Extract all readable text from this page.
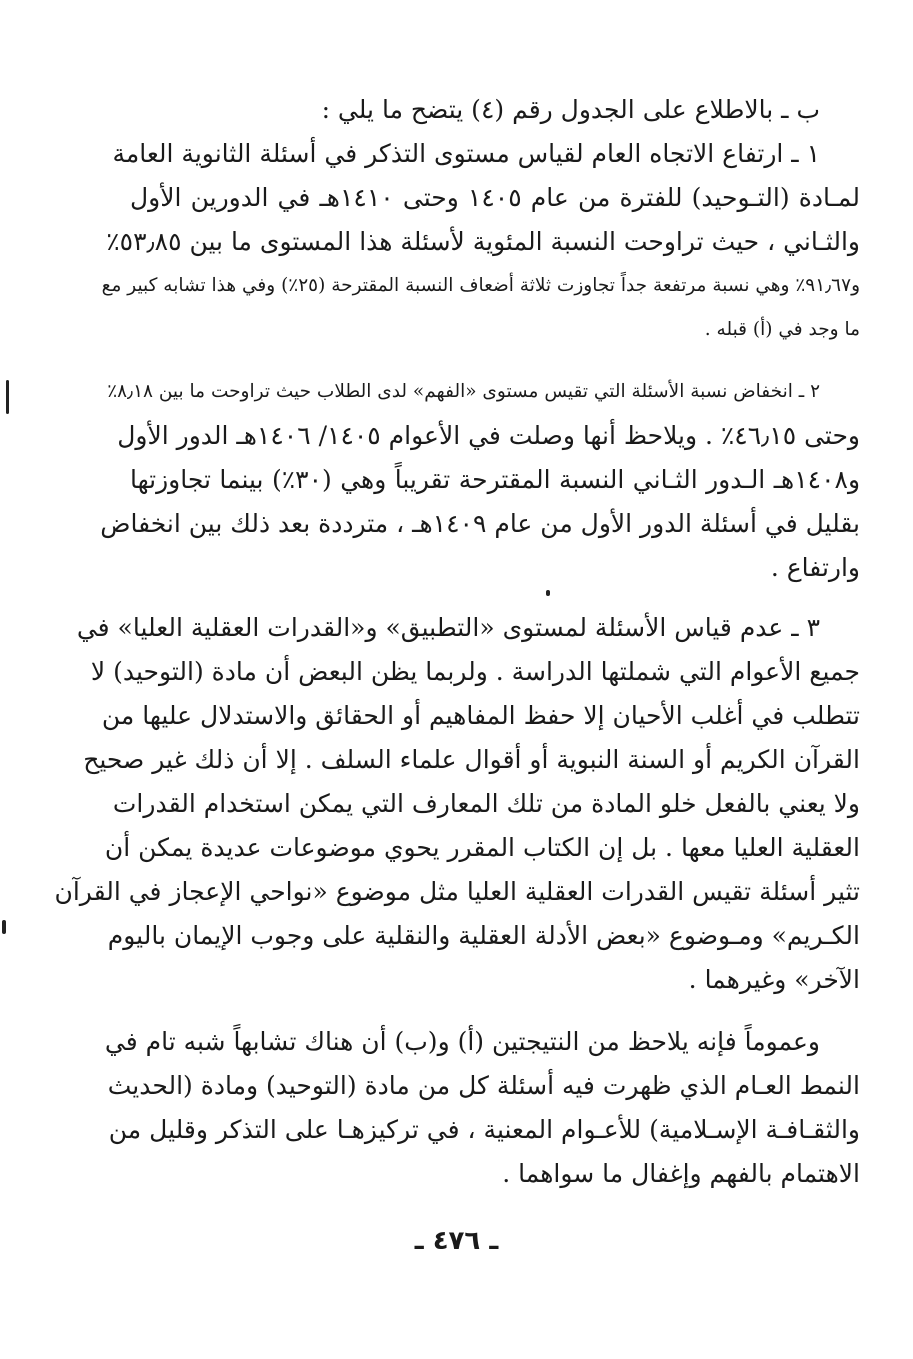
ب ـ بالاطلاع على الجدول رقم (٤) يتضح ما يلي :
١ ـ ارتفاع الاتجاه العام لقياس مستوى التذكر في أسئلة الثانوية العامة
لمـادة (التـوحيد) للفترة من عام ١٤٠٥ وحتى ١٤١٠هـ في الدورين الأول
والثـاني ، حيث تراوحت النسبة المئوية لأسئلة هذا المستوى ما بين ٥٣٫٨٥٪
و٩١٫٦٧٪ وهي نسبة مرتفعة جداً تجاوزت ثلاثة أضعاف النسبة المقترحة (٢٥٪) وفي هذا تشابه كبير مع
ما وجد في (أ) قبله .
٢ ـ انخفاض نسبة الأسئلة التي تقيس مستوى «الفهم» لدى الطلاب حيث تراوحت ما بين ٨٫١٨٪
وحتى ٤٦٫١٥٪ . ويلاحظ أنها وصلت في الأعوام ١٤٠٥/ ١٤٠٦هـ الدور الأول
و١٤٠٨هـ الـدور الثـاني النسبة المقترحة تقريباً وهي (٣٠٪) بينما تجاوزتها
بقليل في أسئلة الدور الأول من عام ١٤٠٩هـ ، مترددة بعد ذلك بين انخفاض
وارتفاع .
٣ ـ عدم قياس الأسئلة لمستوى «التطبيق» و«القدرات العقلية العليا» في
جميع الأعوام التي شملتها الدراسة . ولربما يظن البعض أن مادة (التوحيد) لا
تتطلب في أغلب الأحيان إلا حفظ المفاهيم أو الحقائق والاستدلال عليها من
القرآن الكريم أو السنة النبوية أو أقوال علماء السلف . إلا أن ذلك غير صحيح
ولا يعني بالفعل خلو المادة من تلك المعارف التي يمكن استخدام القدرات
العقلية العليا معها . بل إن الكتاب المقرر يحوي موضوعات عديدة يمكن أن
تثير أسئلة تقيس القدرات العقلية العليا مثل موضوع «نواحي الإعجاز في القرآن
الكـريم» ومـوضوع «بعض الأدلة العقلية والنقلية على وجوب الإيمان باليوم
الآخر» وغيرهما .
وعموماً فإنه يلاحظ من النتيجتين (أ) و(ب) أن هناك تشابهاً شبه تام في
النمط العـام الذي ظهرت فيه أسئلة كل من مادة (التوحيد) ومادة (الحديث
والثقـافـة الإسـلامية) للأعـوام المعنية ، في تركيزهـا على التذكر وقليل من
الاهتمام بالفهم وإغفال ما سواهما .
ـ ٤٧٦ ـ
